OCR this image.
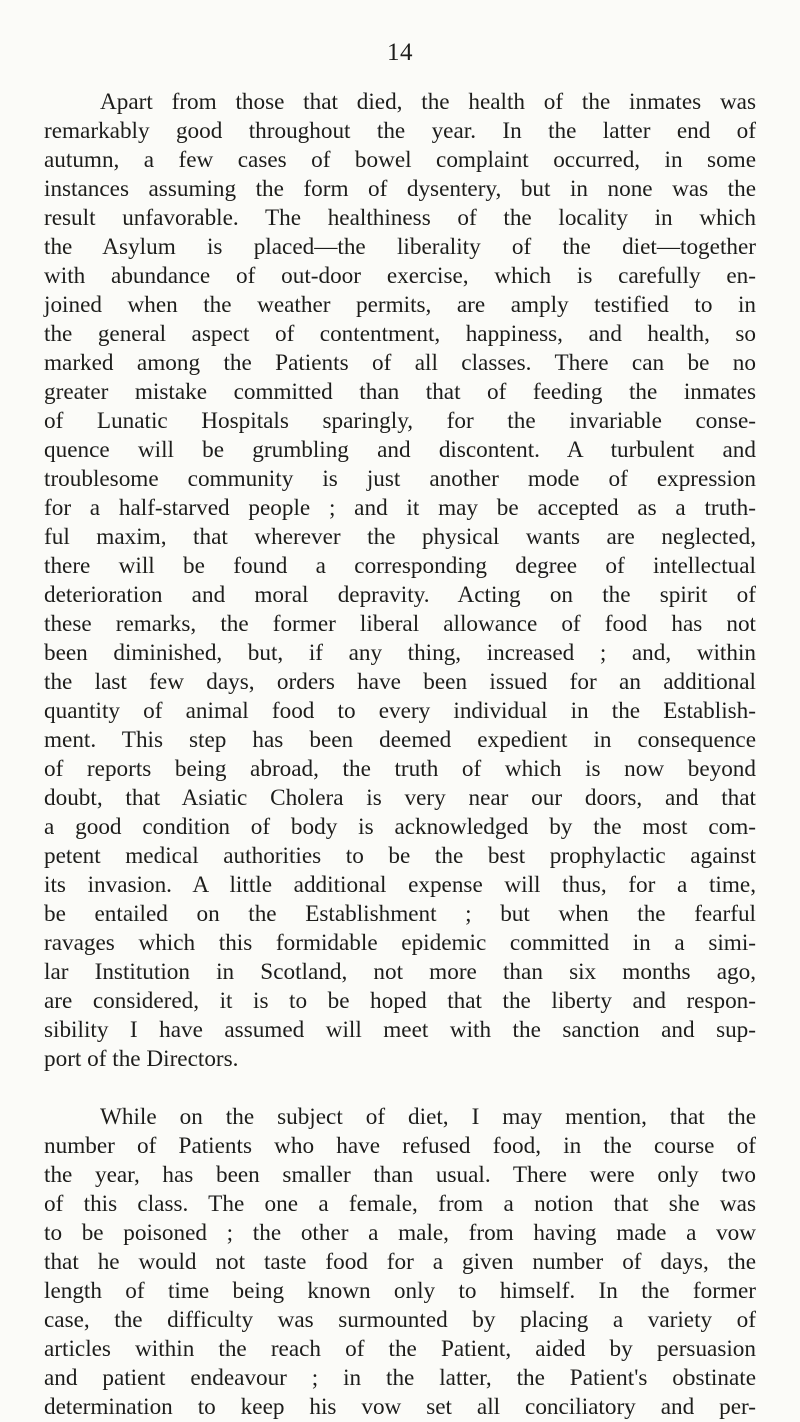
14
Apart from those that died, the health of the inmates was
remarkably good throughout the year. In the latter end of
autumn, a few cases of bowel complaint occurred, in some
instances assuming the form of dysentery, but in none was the
result unfavorable. The healthiness of the locality in which
the Asylum is placed—the liberality of the diet—together
with abundance of out-door exercise, which is carefully en-
joined when the weather permits, are amply testified to in
the general aspect of contentment, happiness, and health, so
marked among the Patients of all classes. There can be no
greater mistake committed than that of feeding the inmates
of Lunatic Hospitals sparingly, for the invariable conse-
quence will be grumbling and discontent. A turbulent and
troublesome community is just another mode of expression
for a half-starved people ; and it may be accepted as a truth-
ful maxim, that wherever the physical wants are neglected,
there will be found a corresponding degree of intellectual
deterioration and moral depravity. Acting on the spirit of
these remarks, the former liberal allowance of food has not
been diminished, but, if any thing, increased ; and, within
the last few days, orders have been issued for an additional
quantity of animal food to every individual in the Establish-
ment. This step has been deemed expedient in consequence
of reports being abroad, the truth of which is now beyond
doubt, that Asiatic Cholera is very near our doors, and that
a good condition of body is acknowledged by the most com-
petent medical authorities to be the best prophylactic against
its invasion. A little additional expense will thus, for a time,
be entailed on the Establishment ; but when the fearful
ravages which this formidable epidemic committed in a simi-
lar Institution in Scotland, not more than six months ago,
are considered, it is to be hoped that the liberty and respon-
sibility I have assumed will meet with the sanction and sup-
port of the Directors.
While on the subject of diet, I may mention, that the
number of Patients who have refused food, in the course of
the year, has been smaller than usual. There were only two
of this class. The one a female, from a notion that she was
to be poisoned ; the other a male, from having made a vow
that he would not taste food for a given number of days, the
length of time being known only to himself. In the former
case, the difficulty was surmounted by placing a variety of
articles within the reach of the Patient, aided by persuasion
and patient endeavour ; in the latter, the Patient's obstinate
determination to keep his vow set all conciliatory and per-
